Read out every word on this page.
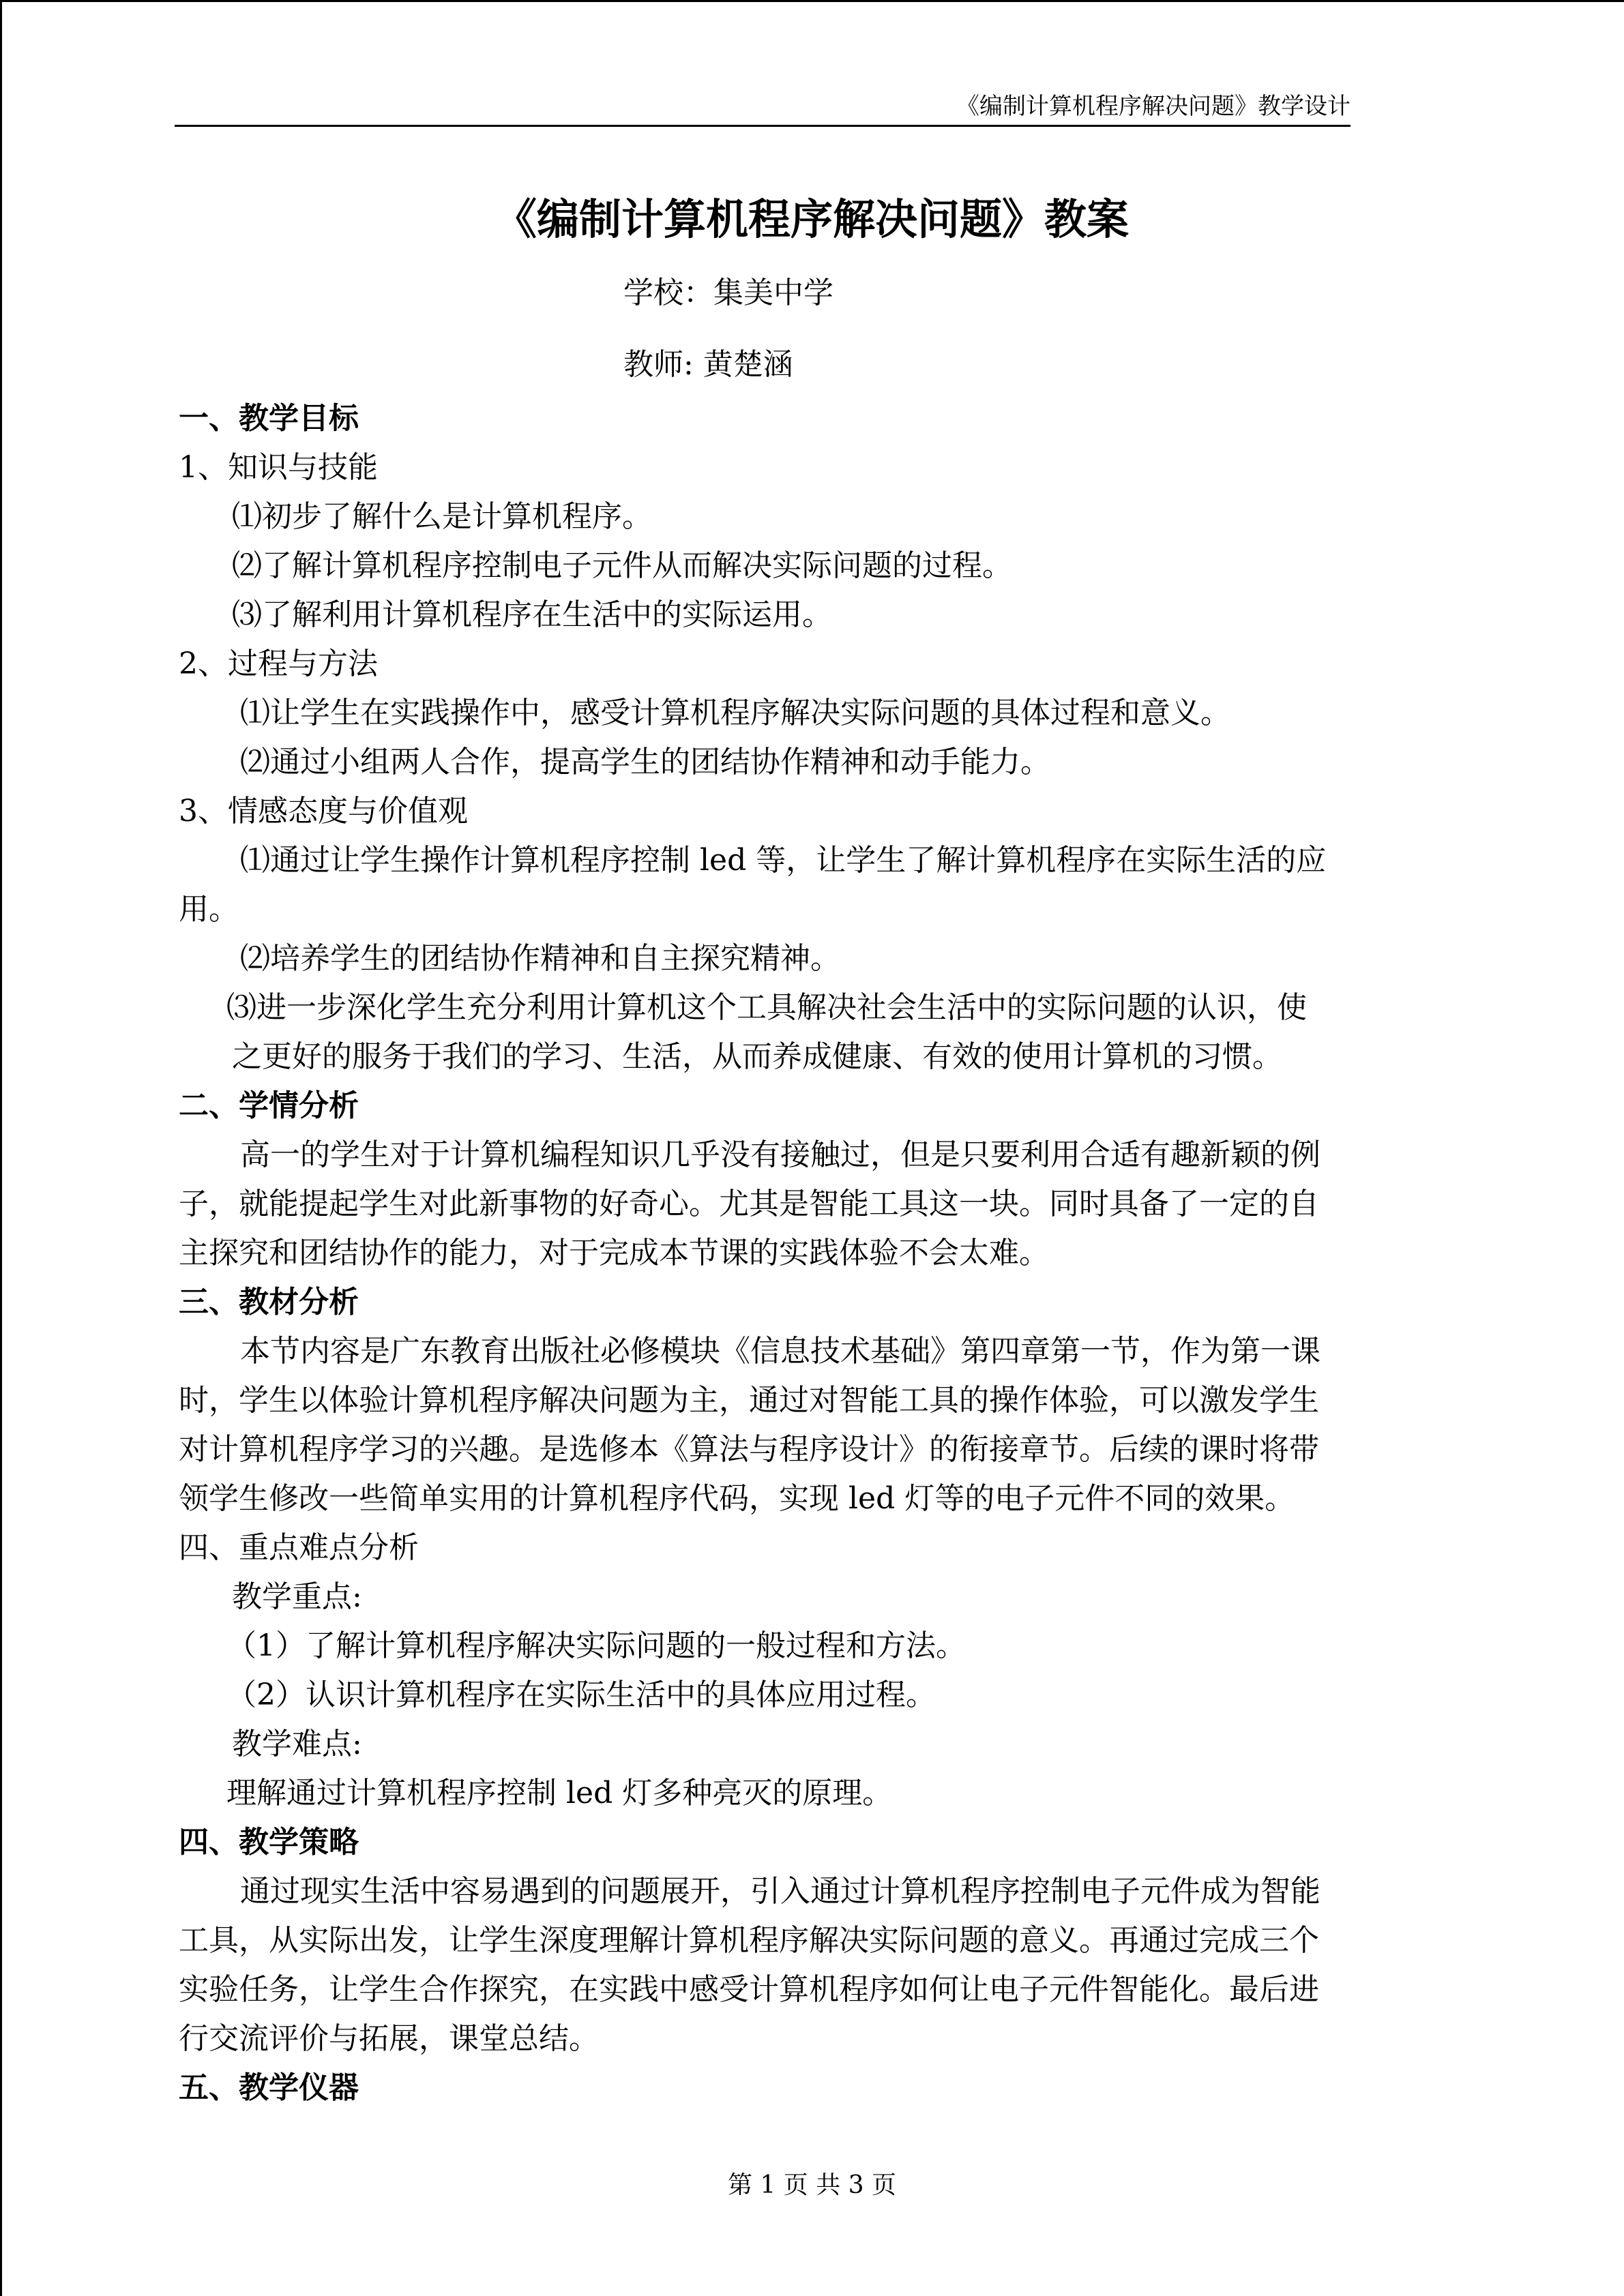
《编制计算机程序解决问题》教学设计
《编制计算机程序解决问题》教案
学校：集美中学
教师: 黄楚涵
一、教学目标
1、知识与技能
⑴初步了解什么是计算机程序。
⑵了解计算机程序控制电子元件从而解决实际问题的过程。
⑶了解利用计算机程序在生活中的实际运用。
2、过程与方法
⑴让学生在实践操作中，感受计算机程序解决实际问题的具体过程和意义。
⑵通过小组两人合作，提高学生的团结协作精神和动手能力。
3、情感态度与价值观
⑴通过让学生操作计算机程序控制 led 等，让学生了解计算机程序在实际生活的应
用。
⑵培养学生的团结协作精神和自主探究精神。
⑶进一步深化学生充分利用计算机这个工具解决社会生活中的实际问题的认识，使
之更好的服务于我们的学习、生活，从而养成健康、有效的使用计算机的习惯。
二、学情分析
高一的学生对于计算机编程知识几乎没有接触过，但是只要利用合适有趣新颖的例
子，就能提起学生对此新事物的好奇心。尤其是智能工具这一块。同时具备了一定的自
主探究和团结协作的能力，对于完成本节课的实践体验不会太难。
三、教材分析
本节内容是广东教育出版社必修模块《信息技术基础》第四章第一节，作为第一课
时，学生以体验计算机程序解决问题为主，通过对智能工具的操作体验，可以激发学生
对计算机程序学习的兴趣。是选修本《算法与程序设计》的衔接章节。后续的课时将带
领学生修改一些简单实用的计算机程序代码，实现 led 灯等的电子元件不同的效果。
四、重点难点分析
教学重点:
（1）了解计算机程序解决实际问题的一般过程和方法。
（2）认识计算机程序在实际生活中的具体应用过程。
教学难点:
理解通过计算机程序控制 led 灯多种亮灭的原理。
四、教学策略
通过现实生活中容易遇到的问题展开，引入通过计算机程序控制电子元件成为智能
工具，从实际出发，让学生深度理解计算机程序解决实际问题的意义。再通过完成三个
实验任务，让学生合作探究，在实践中感受计算机程序如何让电子元件智能化。最后进
行交流评价与拓展，课堂总结。
五、教学仪器
第 1 页 共 3 页
